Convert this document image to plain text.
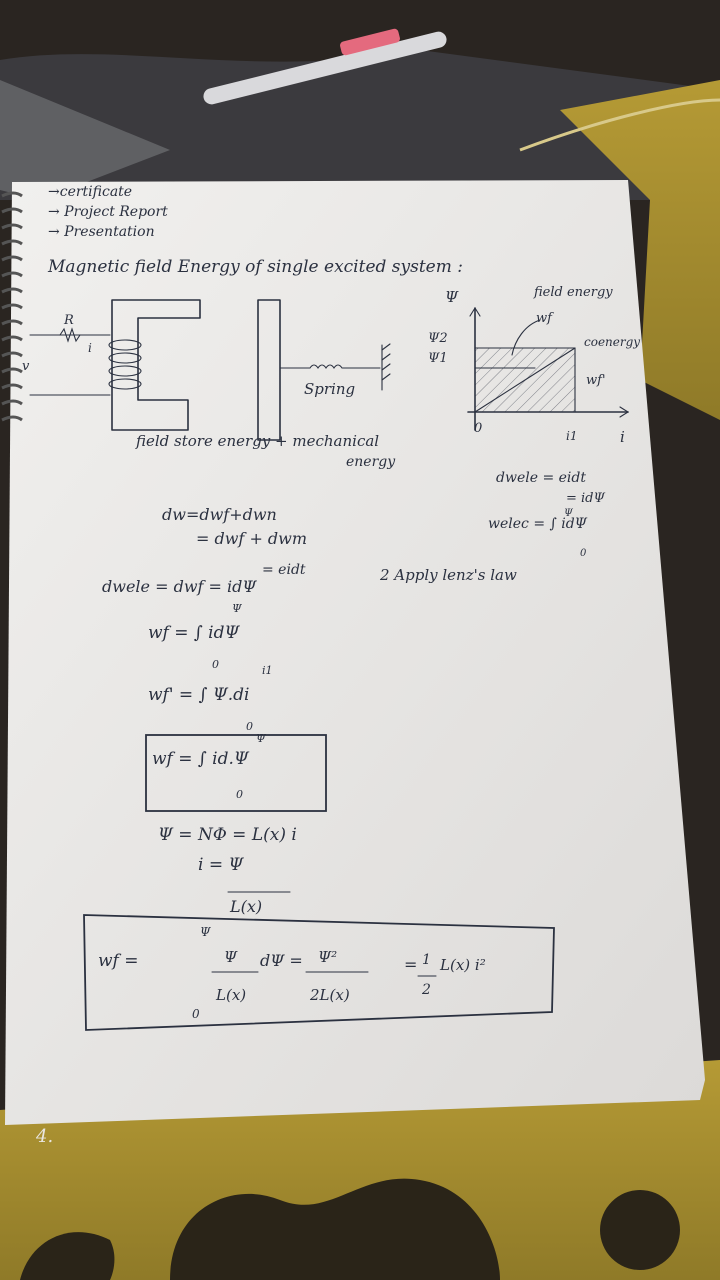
→certificate
→ Project Report
→ Presentation
Magnetic field Energy of single excited system :
R
i
v
Spring
Ψ
i
0
Ψ2
Ψ1
i1
field energy
wf
coenergy
wf'
field store energy + mechanical
energy
dw=dwf+dwn
= dwf + dwm
= eidt
dwele = dwf = idΨ
2 Apply lenz's law
dwele = eidt
= idΨ
welec = ∫ idΨ
Ψ
0
wf = ∫ idΨ
Ψ
0
wf' = ∫ Ψ.di
i1
0
wf = ∫ id.Ψ
Ψ
0
Ψ = NΦ = L(x) i
i = Ψ
L(x)
wf =
Ψ
0
Ψ
L(x)
dΨ = Ψ²
2L(x)
= 1
2
L(x) i²
4.
